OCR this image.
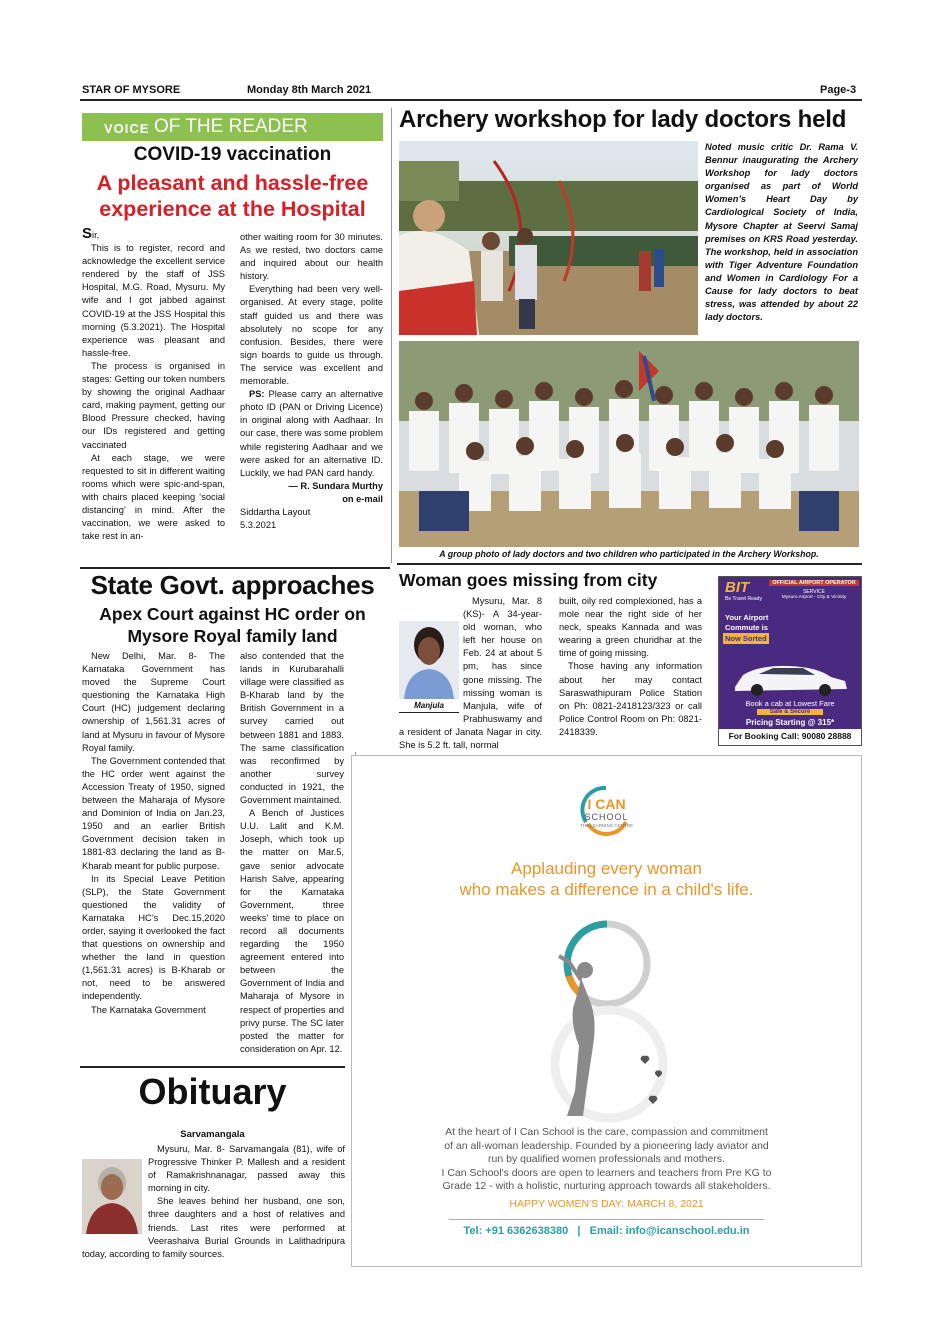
STAR OF MYSORE	Monday 8th March 2021	Page-3
VOICE OF THE READER
COVID-19 vaccination
A pleasant and hassle-free
experience at the Hospital
Sir,

This is to register, record and acknowledge the excellent service rendered by the staff of JSS Hospital, M.G. Road, Mysuru. My wife and I got jabbed against COVID-19 at the JSS Hospital this morning (5.3.2021). The Hospital experience was pleasant and hassle-free.

The process is organised in stages: Getting our token numbers by showing the original Aadhaar card, making payment, getting our Blood Pressure checked, having our IDs registered and getting vaccinated

At each stage, we were requested to sit in different waiting rooms which were spic-and-span, with chairs placed keeping ‘social distancing’ in mind. After the vaccination, we were asked to take rest in an-

other waiting room for 30 minutes. As we rested, two doctors came and inquired about our health history.

Everything had been very well-organised. At every stage, polite staff guided us and there was absolutely no scope for any confusion. Besides, there were sign boards to guide us through. The service was excellent and memorable.

PS: Please carry an alternative photo ID (PAN or Driving Licence) in original along with Aadhaar. In our case, there was some problem while registering Aadhaar and we were asked for an alternative ID. Luckily, we had PAN card handy.

— R. Sundara Murthy
on e-mail
Siddartha Layout
5.3.2021
Archery workshop for lady doctors held
Noted music critic Dr. Rama V. Bennur inaugurating the Archery Workshop for lady doctors organised as part of World Women’s Heart Day by Cardiological Society of India, Mysore Chapter at Seervi Samaj premises on KRS Road yesterday. The workshop, held in association with Tiger Adventure Foundation and Women in Cardiology For a Cause for lady doctors to beat stress, was attended by about 22 lady doctors.
A group photo of lady doctors and two children who participated in the Archery Workshop.
State Govt. approaches
Apex Court against HC order on
Mysore Royal family land

New Delhi, Mar. 8- The Karnataka Government has moved the Supreme Court questioning the Karnataka High Court (HC) judgement declaring ownership of 1,561.31 acres of land at Mysuru in favour of Mysore Royal family.

The Government contended that the HC order went against the Accession Treaty of 1950, signed between the Maharaja of Mysore and Dominion of India on Jan.23, 1950 and an earlier British Government decision taken in 1881-83 declaring the land as B-Kharab meant for public purpose.

In its Special Leave Petition (SLP), the State Government questioned the validity of Karnataka HC’s Dec.15,2020 order, saying it overlooked the fact that questions on ownership and whether the land in question (1,561.31 acres) is B-Kharab or not, need to be answered independently.

The Karnataka Government

also contended that the lands in Kurubarahalli village were classified as B-Kharab land by the British Government in a survey carried out between 1881 and 1883. The same classification was reconfirmed by another survey conducted in 1921, the Government maintained.

A Bench of Justices U.U. Lalit and K.M. Joseph, which took up the matter on Mar.5, gave senior advocate Harish Salve, appearing for the Karnataka Government, three weeks’ time to place on record all documents regarding the 1950 agreement entered into between the Government of India and Maharaja of Mysore in respect of properties and privy purse. The SC later posted the matter for consideration on Apr. 12.

Woman goes missing from city
Manjula

Mysuru, Mar. 8 (KS)- A 34-year-old woman, who left her house on Feb. 24 at about 5 pm, has since gone missing. The missing woman is Manjula, wife of Prabhuswamy and a resident of Janata Nagar in city. She is 5.2 ft. tall, normal

built, oily red complexioned, has a mole near the right side of her neck, speaks Kannada and was wearing a green churidhar at the time of going missing.

Those having any information about her may contact Saraswathipuram Police Station on Ph: 0821-2418123/323 or call Police Control Room on Ph: 0821-2418339.

BIT
Be Travel Ready
OFFICIAL AIRPORT OPERATOR
SERVICE
Mysuru Airport - City & Vicinity
Your Airport
Commute is
Now Sorted
Book a cab at Lowest Fare
Safe & Secure
Pricing Starting @ 315*
For Booking Call: 90080 28888
I CAN
SCHOOL
THE LEARNING CENTRE
Applauding every woman
who makes a difference in a child's life.
At the heart of I Can School is the care, compassion and commitment
of an all-woman leadership. Founded by a pioneering lady aviator and
run by qualified women professionals and mothers.
I Can School's doors are open to learners and teachers from Pre KG to
Grade 12 - with a holistic, nurturing approach towards all stakeholders.
HAPPY WOMEN'S DAY: MARCH 8, 2021
Tel: +91 6362638380   |   Email: info@icanschool.edu.in
Obituary
Sarvamangala

Mysuru, Mar. 8- Sarvamangala (81), wife of Progressive Thinker P. Mallesh and a resident of Ramakrishnanagar, passed away this morning in city.

She leaves behind her husband, one son, three daughters and a host of relatives and friends. Last rites were performed at Veerashaiva Burial Grounds in Lalithadripura today, according to family sources.
